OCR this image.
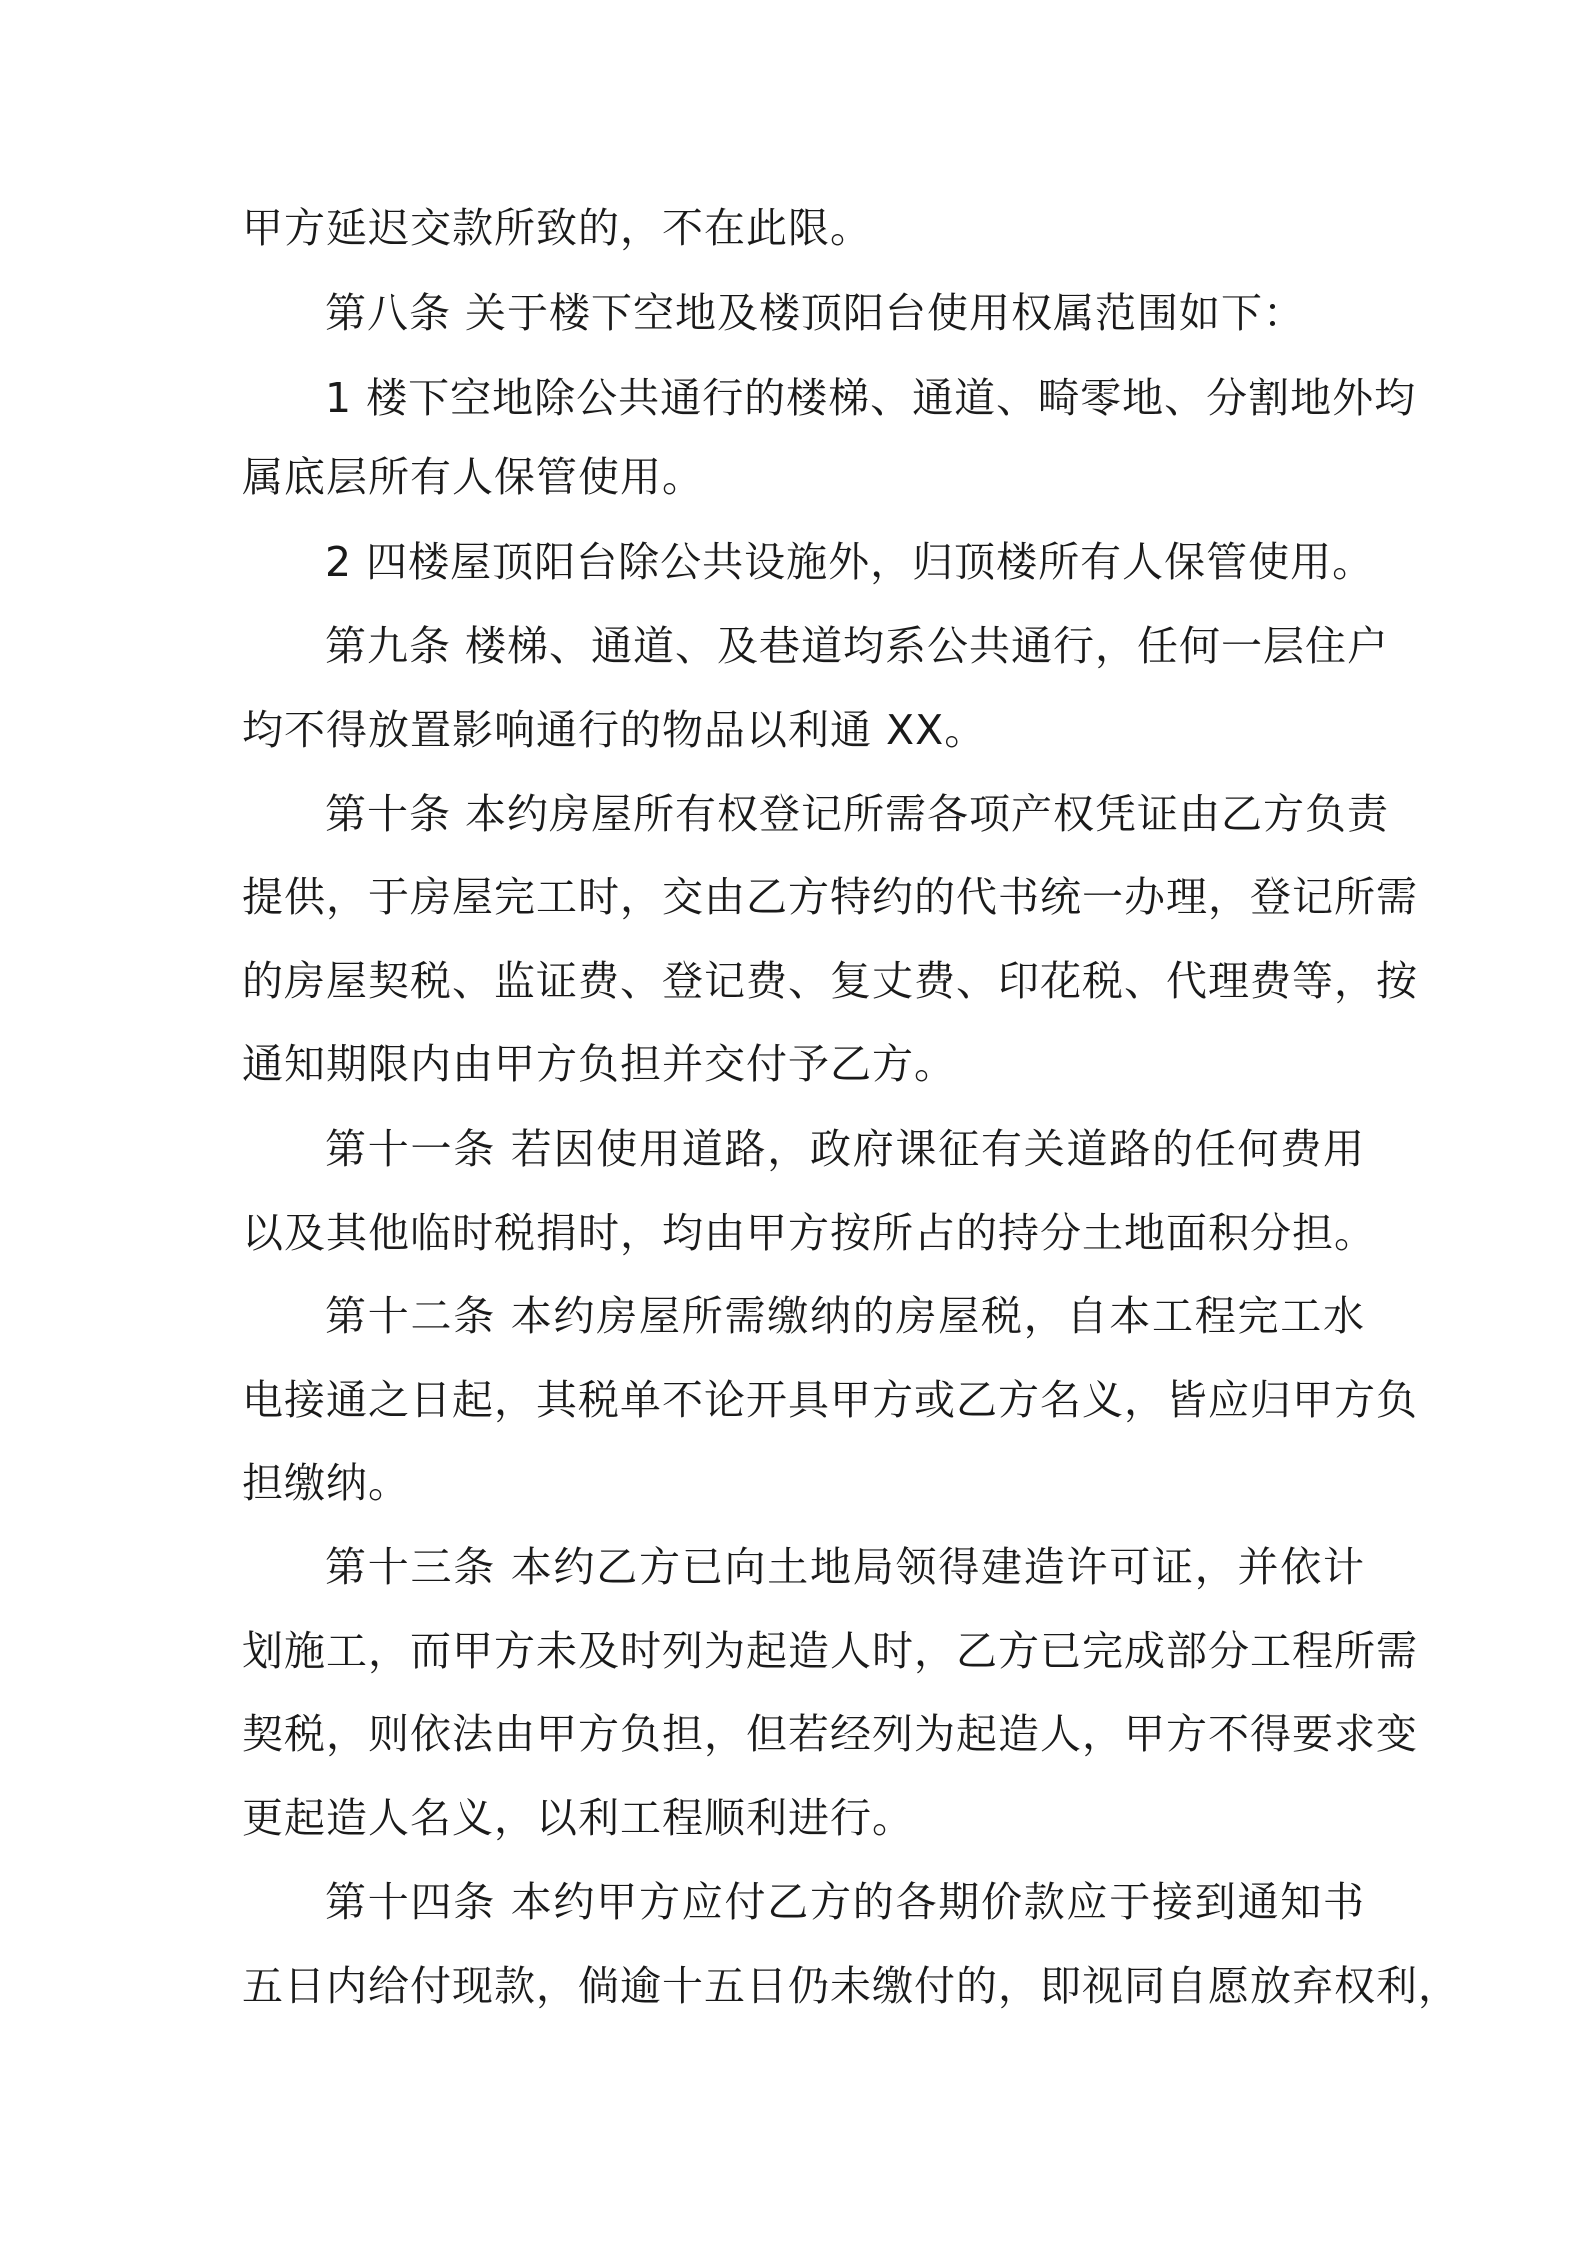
甲方延迟交款所致的，不在此限。
第八条 关于楼下空地及楼顶阳台使用权属范围如下：
1 楼下空地除公共通行的楼梯、通道、畸零地、分割地外均
属底层所有人保管使用。
2 四楼屋顶阳台除公共设施外，归顶楼所有人保管使用。
第九条 楼梯、通道、及巷道均系公共通行，任何一层住户
均不得放置影响通行的物品以利通 XX。
第十条 本约房屋所有权登记所需各项产权凭证由乙方负责
提供，于房屋完工时，交由乙方特约的代书统一办理，登记所需
的房屋契税、监证费、登记费、复丈费、印花税、代理费等，按
通知期限内由甲方负担并交付予乙方。
第十一条 若因使用道路，政府课征有关道路的任何费用
以及其他临时税捐时，均由甲方按所占的持分土地面积分担。
第十二条 本约房屋所需缴纳的房屋税，自本工程完工水
电接通之日起，其税单不论开具甲方或乙方名义，皆应归甲方负
担缴纳。
第十三条 本约乙方已向土地局领得建造许可证，并依计
划施工，而甲方未及时列为起造人时，乙方已完成部分工程所需
契税，则依法由甲方负担，但若经列为起造人，甲方不得要求变
更起造人名义，以利工程顺利进行。
第十四条 本约甲方应付乙方的各期价款应于接到通知书
五日内给付现款，倘逾十五日仍未缴付的，即视同自愿放弃权利，
